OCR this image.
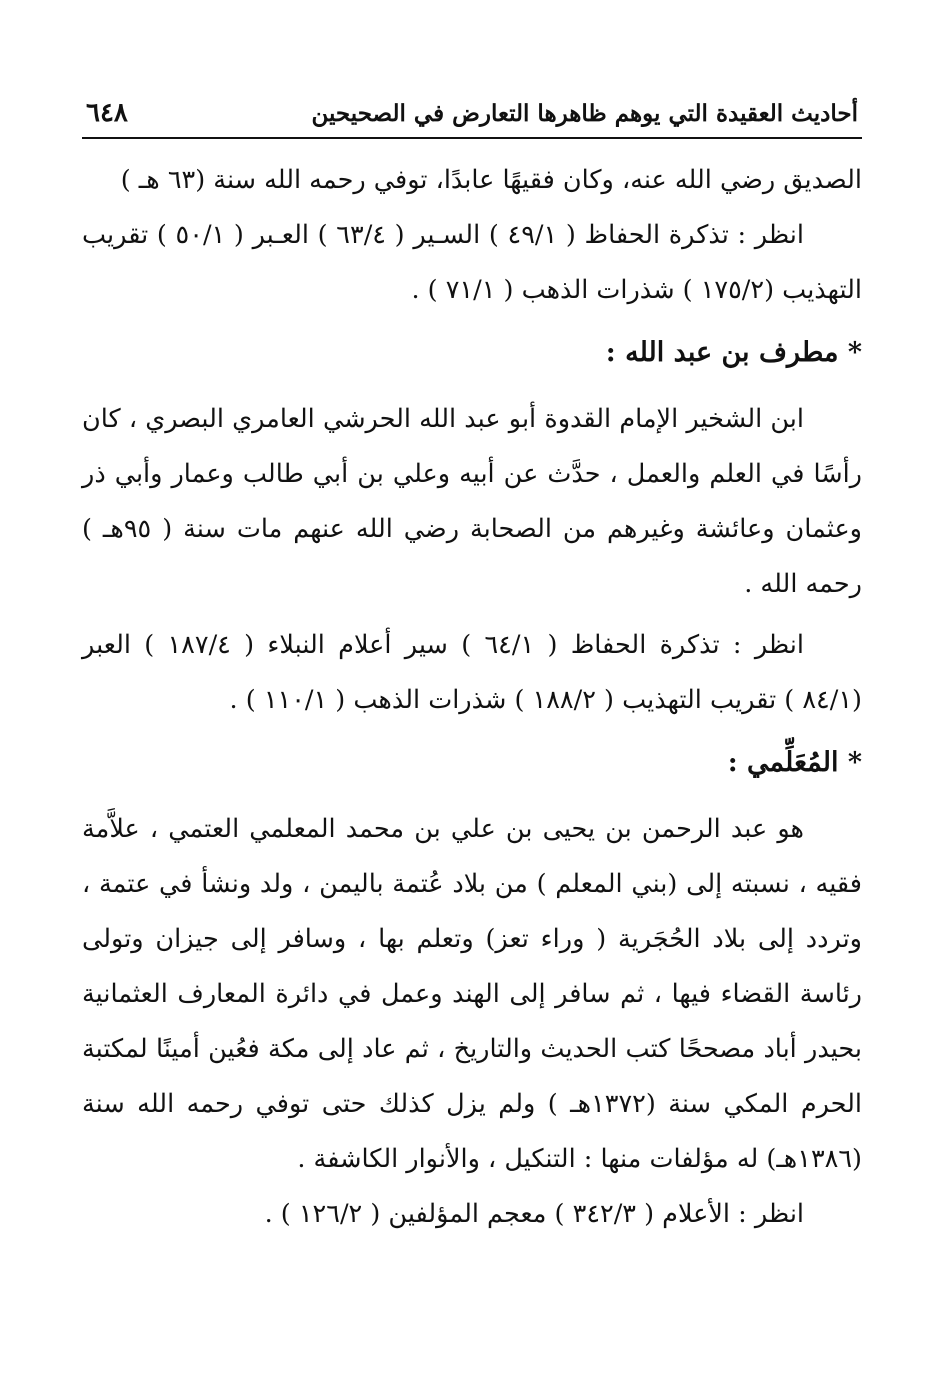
أحاديث العقيدة التي يوهم ظاهرها التعارض في الصحيحين
٦٤٨

الصديق رضي الله عنه، وكان فقيهًا عابدًا، توفي رحمه الله سنة (٦٣ هـ )

انظر : تذكرة الحفاظ ( ٤٩/١ ) السـير ( ٦٣/٤ ) العـبر ( ٥٠/١ ) تقريب التهذيب (١٧٥/٢ ) شذرات الذهب ( ٧١/١ ) .

* مطرف بن عبد الله :

ابن الشخير الإمام القدوة أبو عبد الله الحرشي العامري البصري ، كان رأسًا في العلم والعمل ، حدَّث عن أبيه وعلي بن أبي طالب وعمار وأبي ذر وعثمان وعائشة وغيرهم من الصحابة رضي الله عنهم مات سنة ( ٩٥هـ ) رحمه الله .

انظر : تذكرة الحفاظ ( ٦٤/١ ) سير أعلام النبلاء ( ١٨٧/٤ ) العبر (٨٤/١ ) تقريب التهذيب ( ١٨٨/٢ ) شذرات الذهب ( ١١٠/١ ) .

* المُعَلِّمي :

هو عبد الرحمن بن يحيى بن علي بن محمد المعلمي العتمي ، علاَّمة فقيه ، نسبته إلى (بني المعلم ) من بلاد عُتمة باليمن ، ولد ونشأ في عتمة ، وتردد إلى بلاد الحُجَرية ( وراء تعز) وتعلم بها ، وسافر إلى جيزان وتولى رئاسة القضاء فيها ، ثم سافر إلى الهند وعمل في دائرة المعارف العثمانية بحيدر أباد مصححًا كتب الحديث والتاريخ ، ثم عاد إلى مكة فعُين أمينًا لمكتبة الحرم المكي سنة (١٣٧٢هـ ) ولم يزل كذلك حتى توفي رحمه الله سنة (١٣٨٦هـ) له مؤلفات منها : التنكيل ، والأنوار الكاشفة .

انظر : الأعلام ( ٣٤٢/٣ ) معجم المؤلفين ( ١٢٦/٢ ) .
